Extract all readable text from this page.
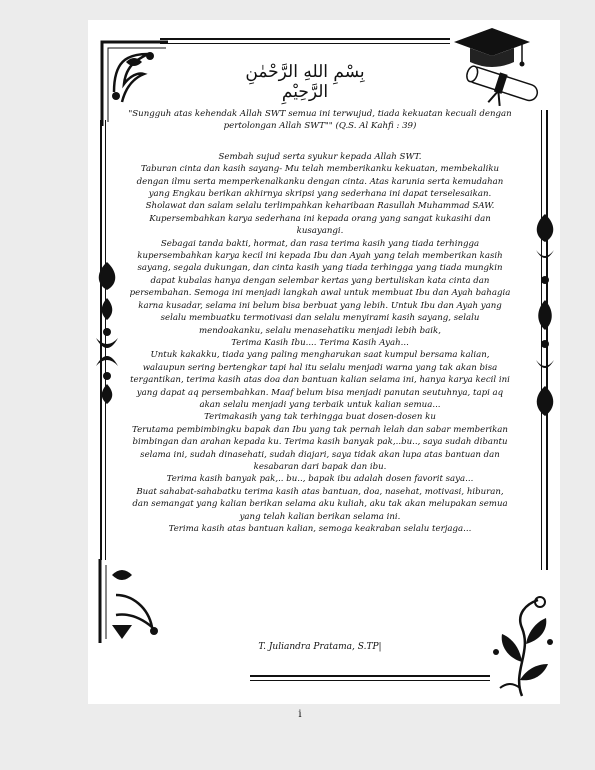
بِسْمِ اللهِ الرَّحْمٰنِ الرَّحِيْمِ

"Sungguh atas kehendak Allah SWT semua ini terwujud, tiada kekuatan kecuali dengan pertolongan Allah SWT"" (Q.S. Al Kahfi : 39)

Sembah sujud serta syukur kepada Allah SWT.

Taburan cinta dan kasih sayang- Mu telah memberikanku kekuatan, membekaliku dengan ilmu serta memperkenalkanku dengan cinta. Atas karunia serta kemudahan yang Engkau berikan akhirnya skripsi yang sederhana ini dapat terselesaikan. Sholawat dan salam selalu terlimpahkan keharibaan Rasullah Muhammad SAW.

Kupersembahkan karya sederhana ini kepada orang yang sangat kukasihi dan kusayangi.

Sebagai tanda bakti, hormat, dan rasa terima kasih yang tiada terhingga kupersembahkan karya kecil ini kepada Ibu dan Ayah yang telah memberikan kasih sayang, segala dukungan, dan cinta kasih yang tiada terhingga yang tiada mungkin dapat kubalas hanya dengan selembar kertas yang bertuliskan kata cinta dan persembahan. Semoga ini menjadi langkah awal untuk membuat Ibu dan Ayah bahagia karna kusadar, selama ini belum bisa berbuat yang lebih. Untuk Ibu dan Ayah yang selalu membuatku termotivasi dan selalu menyirami kasih sayang, selalu mendoakanku, selalu menasehatiku menjadi lebih baik,

Terima Kasih Ibu.... Terima Kasih Ayah...

Untuk kakakku, tiada yang paling mengharukan saat kumpul bersama kalian, walaupun sering bertengkar tapi hal itu selalu menjadi warna yang tak akan bisa tergantikan, terima kasih atas doa dan bantuan kalian selama ini, hanya karya kecil ini yang dapat aq persembahkan. Maaf belum bisa menjadi panutan seutuhnya, tapi aq akan selalu menjadi yang terbaik untuk kalian semua...

Terimakasih yang tak terhingga buat dosen-dosen ku

Terutama pembimbingku bapak dan Ibu yang tak pernah lelah dan sabar memberikan bimbingan dan arahan kepada ku. Terima kasih banyak pak,..bu.., saya sudah dibantu selama ini, sudah dinasehati, sudah diajari, saya tidak akan lupa atas bantuan dan kesabaran dari bapak dan ibu.

Terima kasih banyak pak,.. bu.., bapak ibu adalah dosen favorit saya...

Buat sahabat-sahabatku terima kasih atas bantuan, doa, nasehat, motivasi, hiburan, dan semangat yang kalian berikan selama aku kuliah, aku tak akan melupakan semua yang telah kalian berikan selama ini.

Terima kasih atas bantuan kalian, semoga keakraban selalu terjaga...

T. Juliandra Pratama, S.TP|
i
